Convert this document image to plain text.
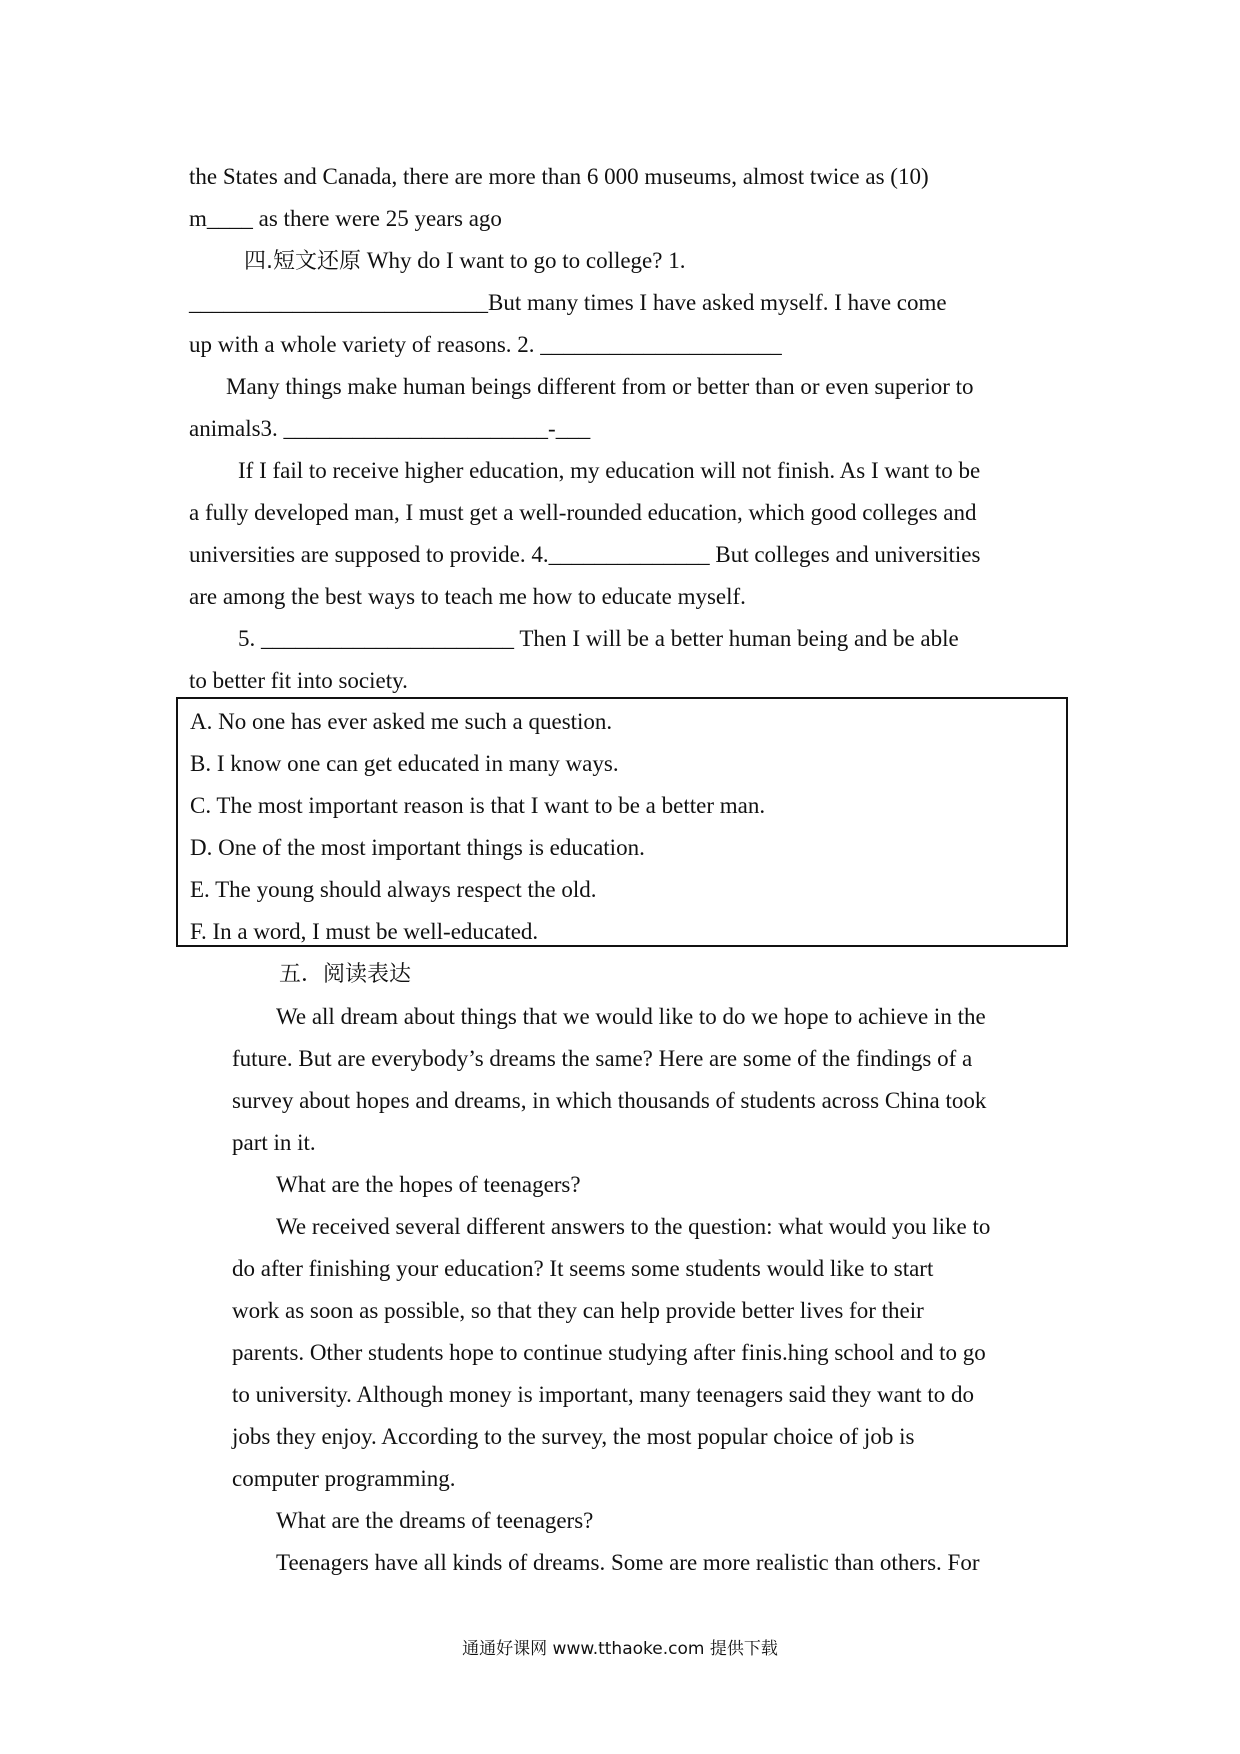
the States and Canada, there are more than 6 000 museums, almost twice as (10)
m____ as there were 25 years ago
四.短文还原 Why do I want to go to college? 1.
__________________________But many times I have asked myself. I have come
up with a whole variety of reasons. 2. _____________________
Many things make human beings different from or better than or even superior to
animals3. _______________________-___
If I fail to receive higher education, my education will not finish. As I want to be
a fully developed man, I must get a well-rounded education, which good colleges and
universities are supposed to provide. 4.______________ But colleges and universities
are among the best ways to teach me how to educate myself.
5. ______________________ Then I will be a better human being and be able
to better fit into society.
A. No one has ever asked me such a question.
B. I know one can get educated in many ways.
C. The most important reason is that I want to be a better man.
D. One of the most important things is education.
E. The young should always respect the old.
F. In a word, I must be well-educated.
五．阅读表达
We all dream about things that we would like to do we hope to achieve in the
future. But are everybody’s dreams the same? Here are some of the findings of a
survey about hopes and dreams, in which thousands of students across China took
part in it.
What are the hopes of teenagers?
We received several different answers to the question: what would you like to
do after finishing your education? It seems some students would like to start
work as soon as possible, so that they can help provide better lives for their
parents. Other students hope to continue studying after finis.hing school and to go
to university. Although money is important, many teenagers said they want to do
jobs they enjoy. According to the survey, the most popular choice of job is
computer programming.
What are the dreams of teenagers?
Teenagers have all kinds of dreams. Some are more realistic than others. For
通通好课网 www.tthaoke.com 提供下载
